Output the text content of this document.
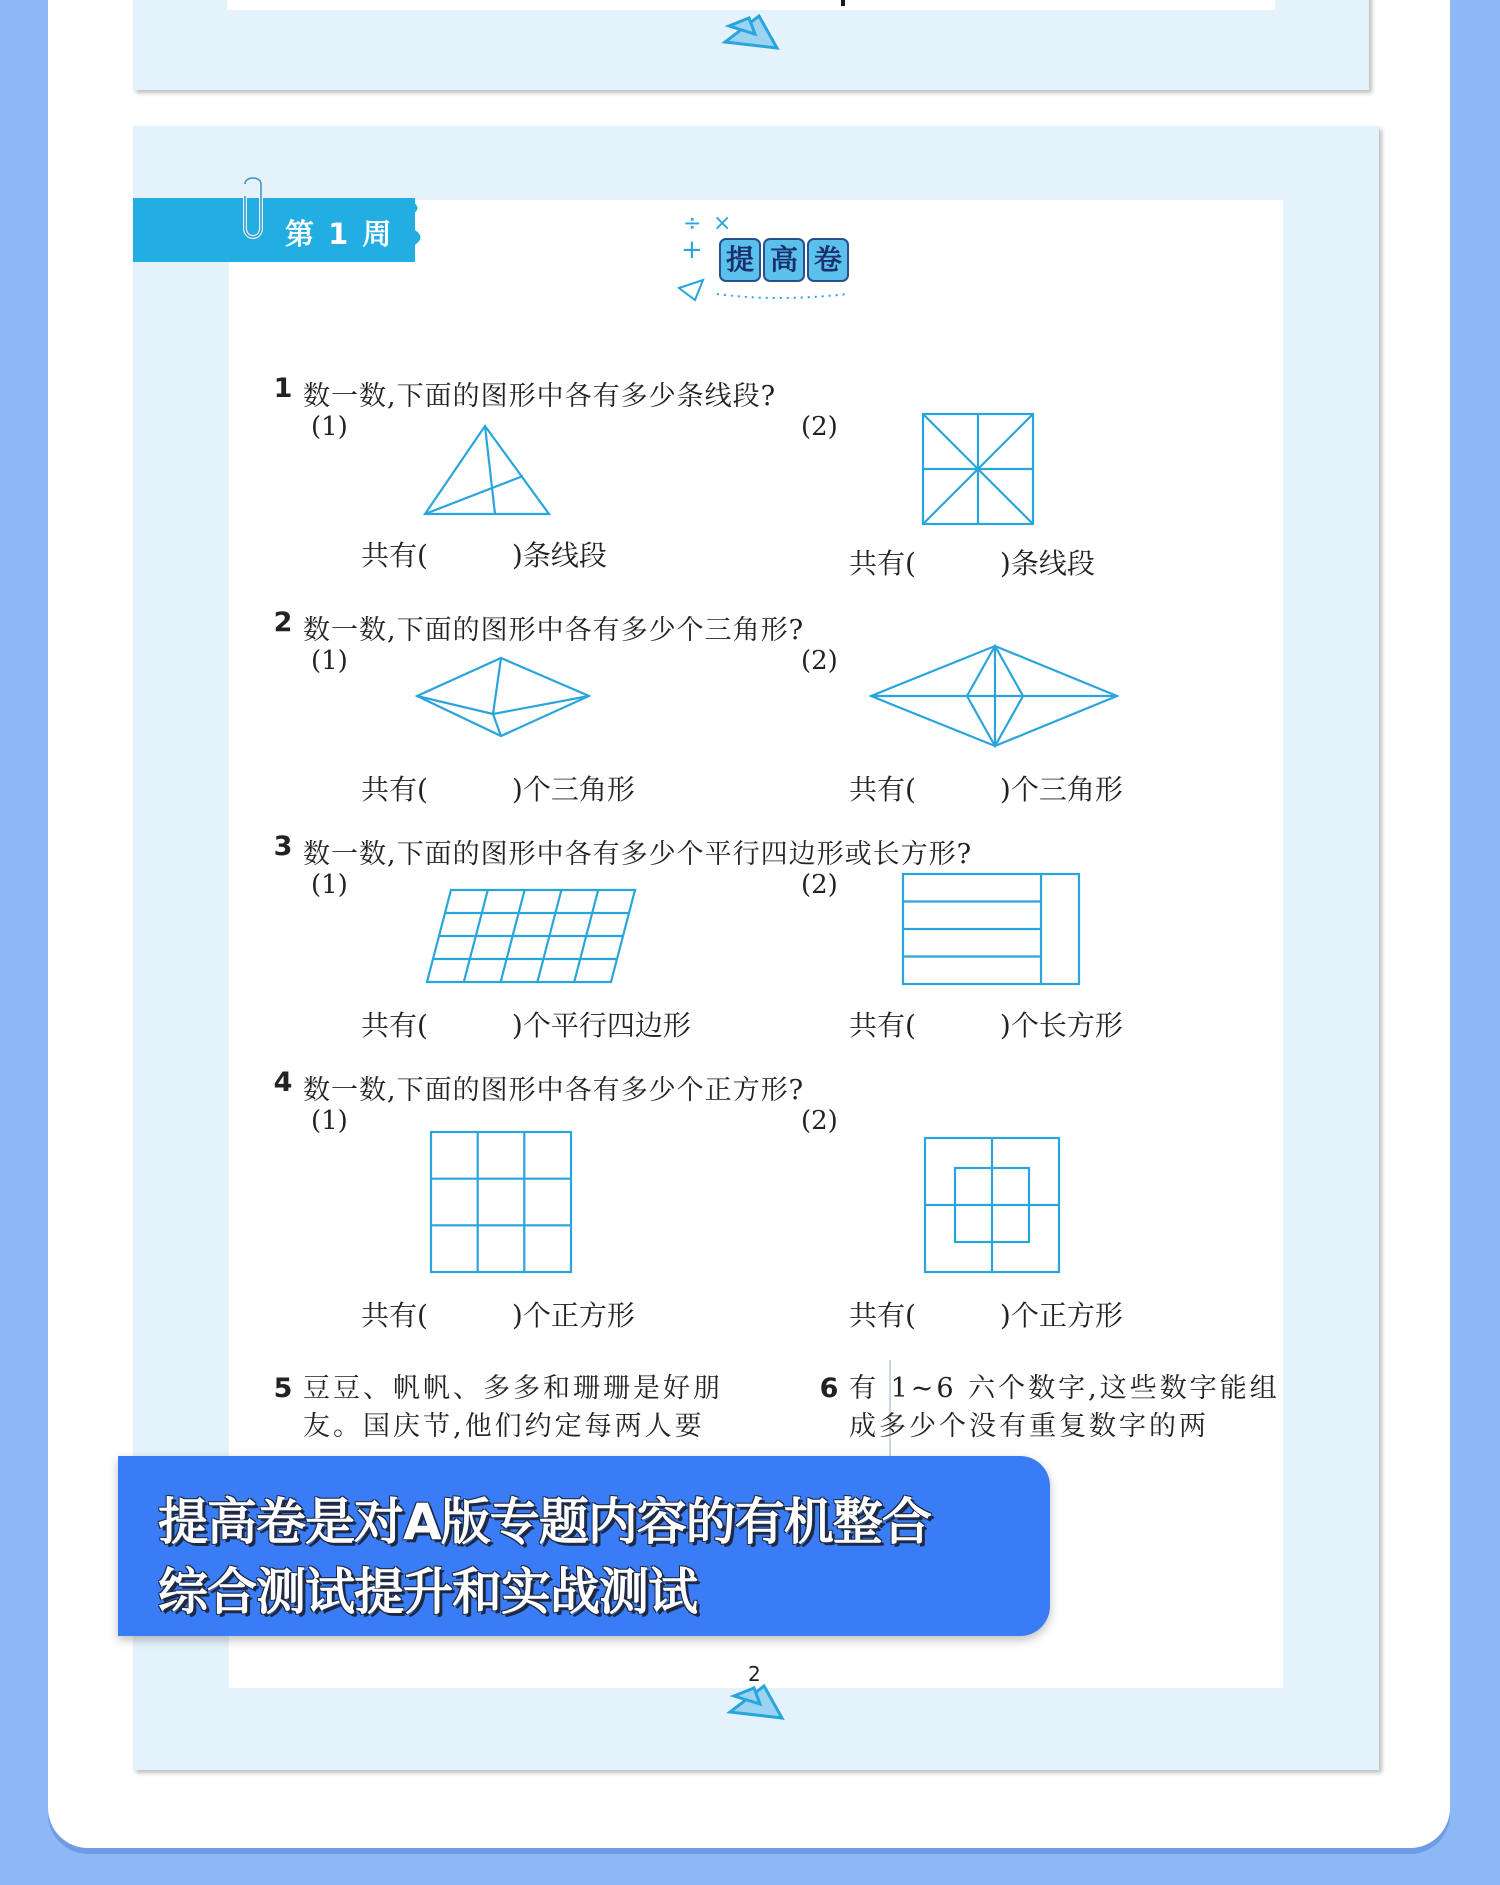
第 1 周	÷ ×
+ 提 高 卷
1 数一数,下面的图形中各有多少条线段?
(1)	(2)
共有(　　　)条线段	共有(　　　)条线段
2 数一数,下面的图形中各有多少个三角形?
(1)	(2)
共有(　　　)个三角形	共有(　　　)个三角形
3 数一数,下面的图形中各有多少个平行四边形或长方形?
(1)	(2)
共有(　　　)个平行四边形	共有(　　　)个长方形
4 数一数,下面的图形中各有多少个正方形?
(1)	(2)
共有(　　　)个正方形	共有(　　　)个正方形
5 豆豆、帆帆、多多和珊珊是好朋
友。国庆节,他们约定每两人要
6 有 1~6 六个数字,这些数字能组
成多少个没有重复数字的两
2
提高卷是对A版专题内容的有机整合
综合测试提升和实战测试
